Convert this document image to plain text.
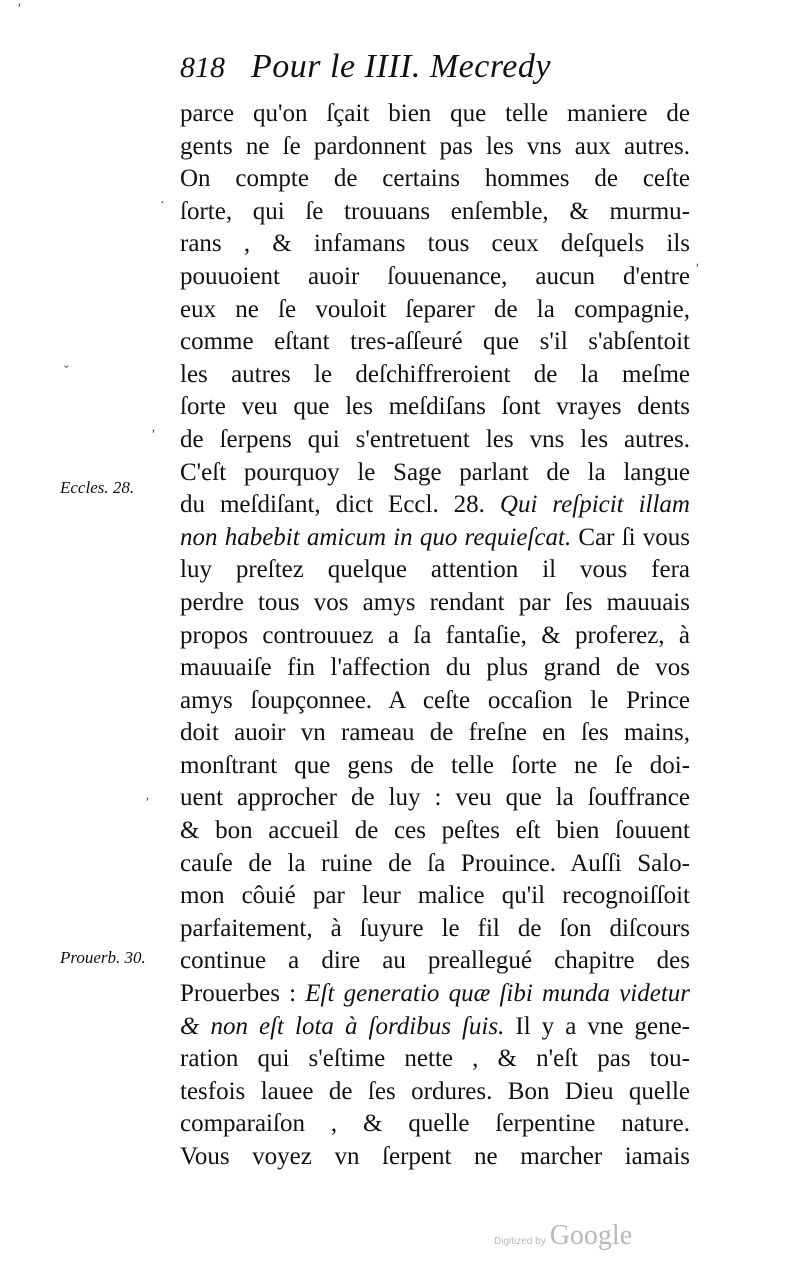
818 Pour le IIII. Mecredy
parce qu'on ſçait bien que telle maniere de
gents ne ſe pardonnent pas les vns aux autres.
On compte de certains hommes de ceſte
ſorte, qui ſe trouuans enſemble, & murmu-
rans , & infamans tous ceux deſquels ils
pouuoient auoir ſouuenance, aucun d'entre
eux ne ſe vouloit ſeparer de la compagnie,
comme eſtant tres-aſſeuré que s'il s'abſentoit
les autres le deſchiffreroient de la meſme
ſorte veu que les meſdiſans ſont vrayes dents
de ſerpens qui s'entretuent les vns les autres.
C'eſt pourquoy le Sage parlant de la langue
du meſdiſant, dict Eccl. 28. Qui reſpicit illam
non habebit amicum in quo requieſcat. Car ſi vous
luy preſtez quelque attention il vous fera
perdre tous vos amys rendant par ſes mauuais
propos controuuez a ſa fantaſie, & proferez, à
mauuaiſe fin l'affection du plus grand de vos
amys ſoupçonnee. A ceſte occaſion le Prince
doit auoir vn rameau de freſne en ſes mains,
monſtrant que gens de telle ſorte ne ſe doi-
uent approcher de luy : veu que la ſouffrance
& bon accueil de ces peſtes eſt bien ſouuent
cauſe de la ruine de ſa Prouince. Auſſi Salo-
mon côuié par leur malice qu'il recognoiſſoit
parfaitement, à ſuyure le fil de ſon diſcours
continue a dire au preallegué chapitre des
Prouerbes : Eſt generatio quæ ſibi munda videtur
& non eſt lota à ſordibus ſuis. Il y a vne gene-
ration qui s'eſtime nette , & n'eſt pas tou-
tesfois lauee de ſes ordures. Bon Dieu quelle
comparaiſon , & quelle ſerpentine nature.
Vous voyez vn ſerpent ne marcher iamais
Eccles. 28.
Prouerb. 30.
ʹ
·
ʹ
ˇ
ʹ
ʹ
Digitized by Google
